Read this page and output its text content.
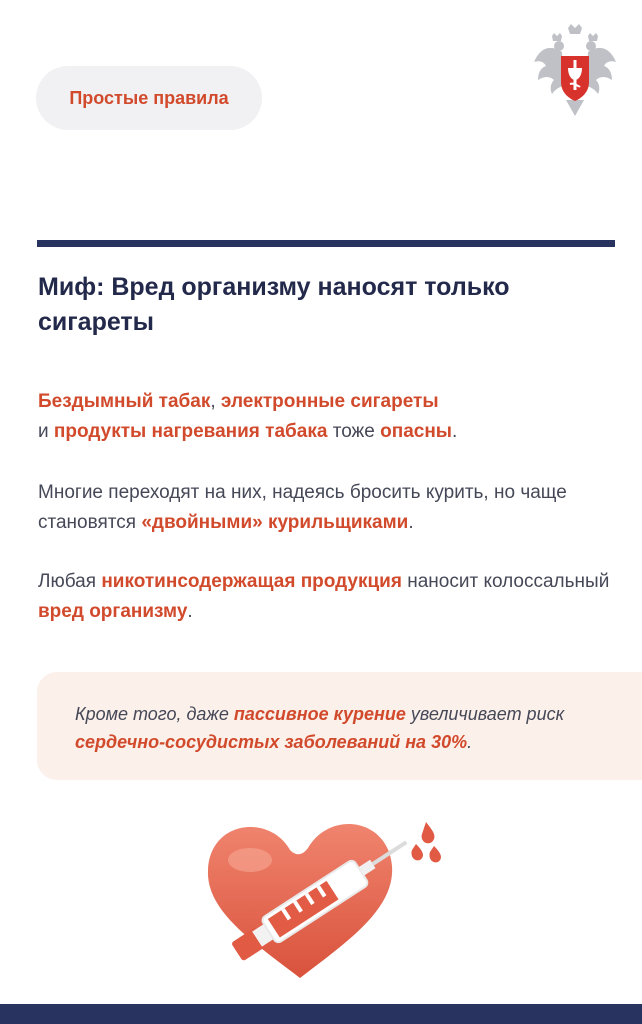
Простые правила
Миф: Вред организму наносят только сигареты

Бездымный табак, электронные сигареты
и продукты нагревания табака тоже опасны.

Многие переходят на них, надеясь бросить курить, но чаще становятся «двойными» курильщиками.

Любая никотинсодержащая продукция наносит колоссальный вред организму.

Кроме того, даже пассивное курение увеличивает риск сердечно-сосудистых заболеваний на 30%.
